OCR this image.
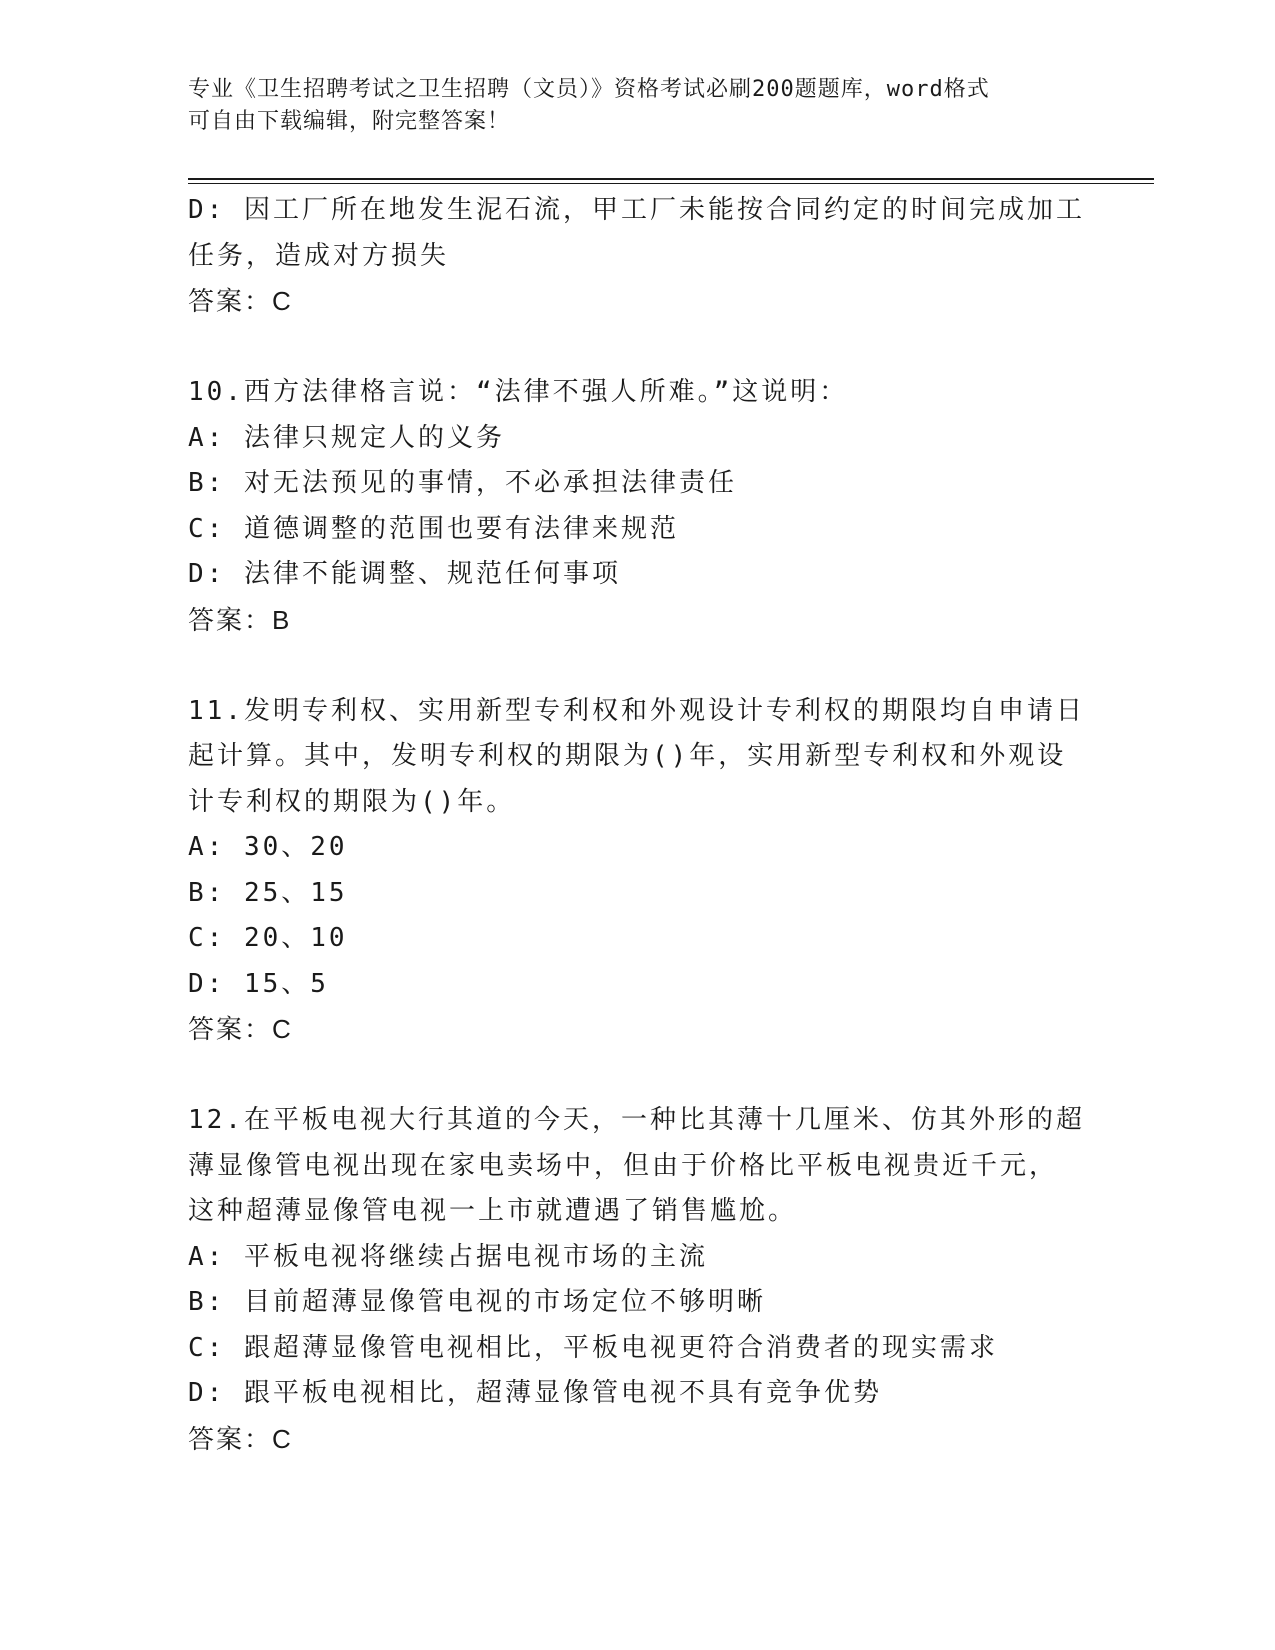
专业《卫生招聘考试之卫生招聘（文员）》资格考试必刷200题题库，word格式
可自由下载编辑，附完整答案！
D: 因工厂所在地发生泥石流，甲工厂未能按合同约定的时间完成加工
任务，造成对方损失
答案：C
10.西方法律格言说：“法律不强人所难。”这说明：
A: 法律只规定人的义务
B: 对无法预见的事情，不必承担法律责任
C: 道德调整的范围也要有法律来规范
D: 法律不能调整、规范任何事项
答案：B
11.发明专利权、实用新型专利权和外观设计专利权的期限均自申请日
起计算。其中，发明专利权的期限为()年，实用新型专利权和外观设
计专利权的期限为()年。
A: 30、20
B: 25、15
C: 20、10
D: 15、5
答案：C
12.在平板电视大行其道的今天，一种比其薄十几厘米、仿其外形的超
薄显像管电视出现在家电卖场中，但由于价格比平板电视贵近千元，
这种超薄显像管电视一上市就遭遇了销售尴尬。
A: 平板电视将继续占据电视市场的主流
B: 目前超薄显像管电视的市场定位不够明晰
C: 跟超薄显像管电视相比，平板电视更符合消费者的现实需求
D: 跟平板电视相比，超薄显像管电视不具有竞争优势
答案：C
